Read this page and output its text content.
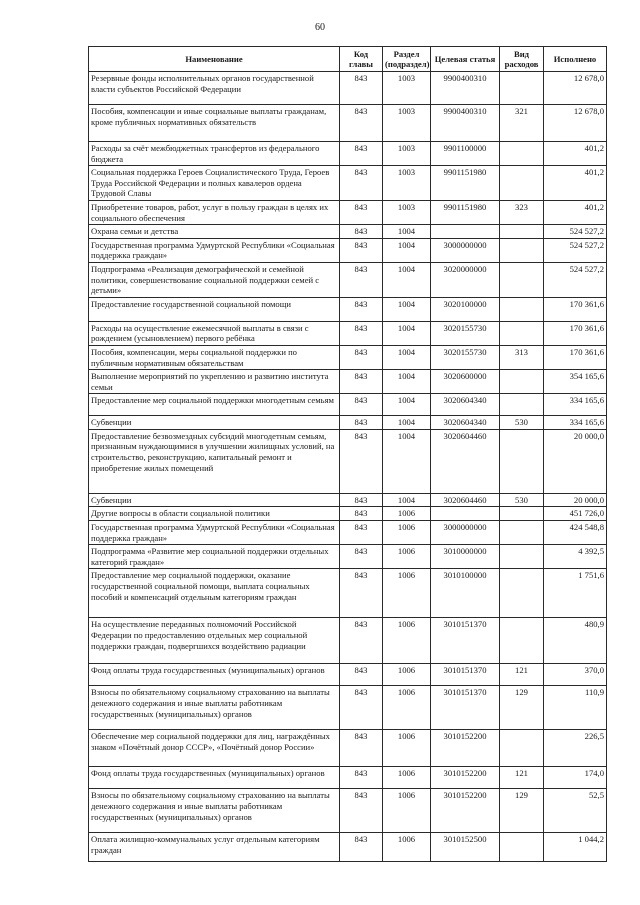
60
Наименование	Код главы	Раздел (подраздел)	Целевая статья	Вид расходов	Исполнено
Резервные фонды исполнительных органов государственной власти субъектов Российской Федерации	843	1003	9900400310		12 678,0
Пособия, компенсации и иные социальные выплаты гражданам, кроме публичных нормативных обязательств	843	1003	9900400310	321	12 678,0
Расходы за счёт межбюджетных трансфертов из федерального бюджета	843	1003	9901100000		401,2
Социальная поддержка Героев Социалистического Труда, Героев Труда Российской Федерации и полных кавалеров ордена Трудовой Славы	843	1003	9901151980		401,2
Приобретение товаров, работ, услуг в пользу граждан в целях их социального обеспечения	843	1003	9901151980	323	401,2
Охрана семьи и детства	843	1004			524 527,2
Государственная программа Удмуртской Республики «Социальная поддержка граждан»	843	1004	3000000000		524 527,2
Подпрограмма «Реализация демографической и семейной политики, совершенствование социальной поддержки семей с детьми»	843	1004	3020000000		524 527,2
Предоставление государственной социальной помощи	843	1004	3020100000		170 361,6
Расходы на осуществление ежемесячной выплаты в связи с рождением (усыновлением) первого ребёнка	843	1004	3020155730		170 361,6
Пособия, компенсации, меры социальной поддержки по публичным нормативным обязательствам	843	1004	3020155730	313	170 361,6
Выполнение мероприятий по укреплению и развитию института семьи	843	1004	3020600000		354 165,6
Предоставление мер социальной поддержки многодетным семьям	843	1004	3020604340		334 165,6
Субвенции	843	1004	3020604340	530	334 165,6
Предоставление безвозмездных субсидий многодетным семьям, признанным нуждающимися в улучшении жилищных условий, на строительство, реконструкцию, капитальный ремонт и приобретение жилых помещений	843	1004	3020604460		20 000,0
Субвенции	843	1004	3020604460	530	20 000,0
Другие вопросы в области социальной политики	843	1006			451 726,0
Государственная программа Удмуртской Республики «Социальная поддержка граждан»	843	1006	3000000000		424 548,8
Подпрограмма «Развитие мер социальной поддержки отдельных категорий граждан»	843	1006	3010000000		4 392,5
Предоставление мер социальной поддержки, оказание государственной социальной помощи, выплата социальных пособий и компенсаций отдельным категориям граждан	843	1006	3010100000		1 751,6
На осуществление переданных полномочий Российской Федерации по предоставлению отдельных мер социальной поддержки граждан, подвергшихся воздействию радиации	843	1006	3010151370		480,9
Фонд оплаты труда государственных (муниципальных) органов	843	1006	3010151370	121	370,0
Взносы по обязательному социальному страхованию на выплаты денежного содержания и иные выплаты работникам государственных (муниципальных) органов	843	1006	3010151370	129	110,9
Обеспечение мер социальной поддержки для лиц, награждённых знаком «Почётный донор СССР», «Почётный донор России»	843	1006	3010152200		226,5
Фонд оплаты труда государственных (муниципальных) органов	843	1006	3010152200	121	174,0
Взносы по обязательному социальному страхованию на выплаты денежного содержания и иные выплаты работникам государственных (муниципальных) органов	843	1006	3010152200	129	52,5
Оплата жилищно-коммунальных услуг отдельным категориям граждан	843	1006	3010152500		1 044,2
